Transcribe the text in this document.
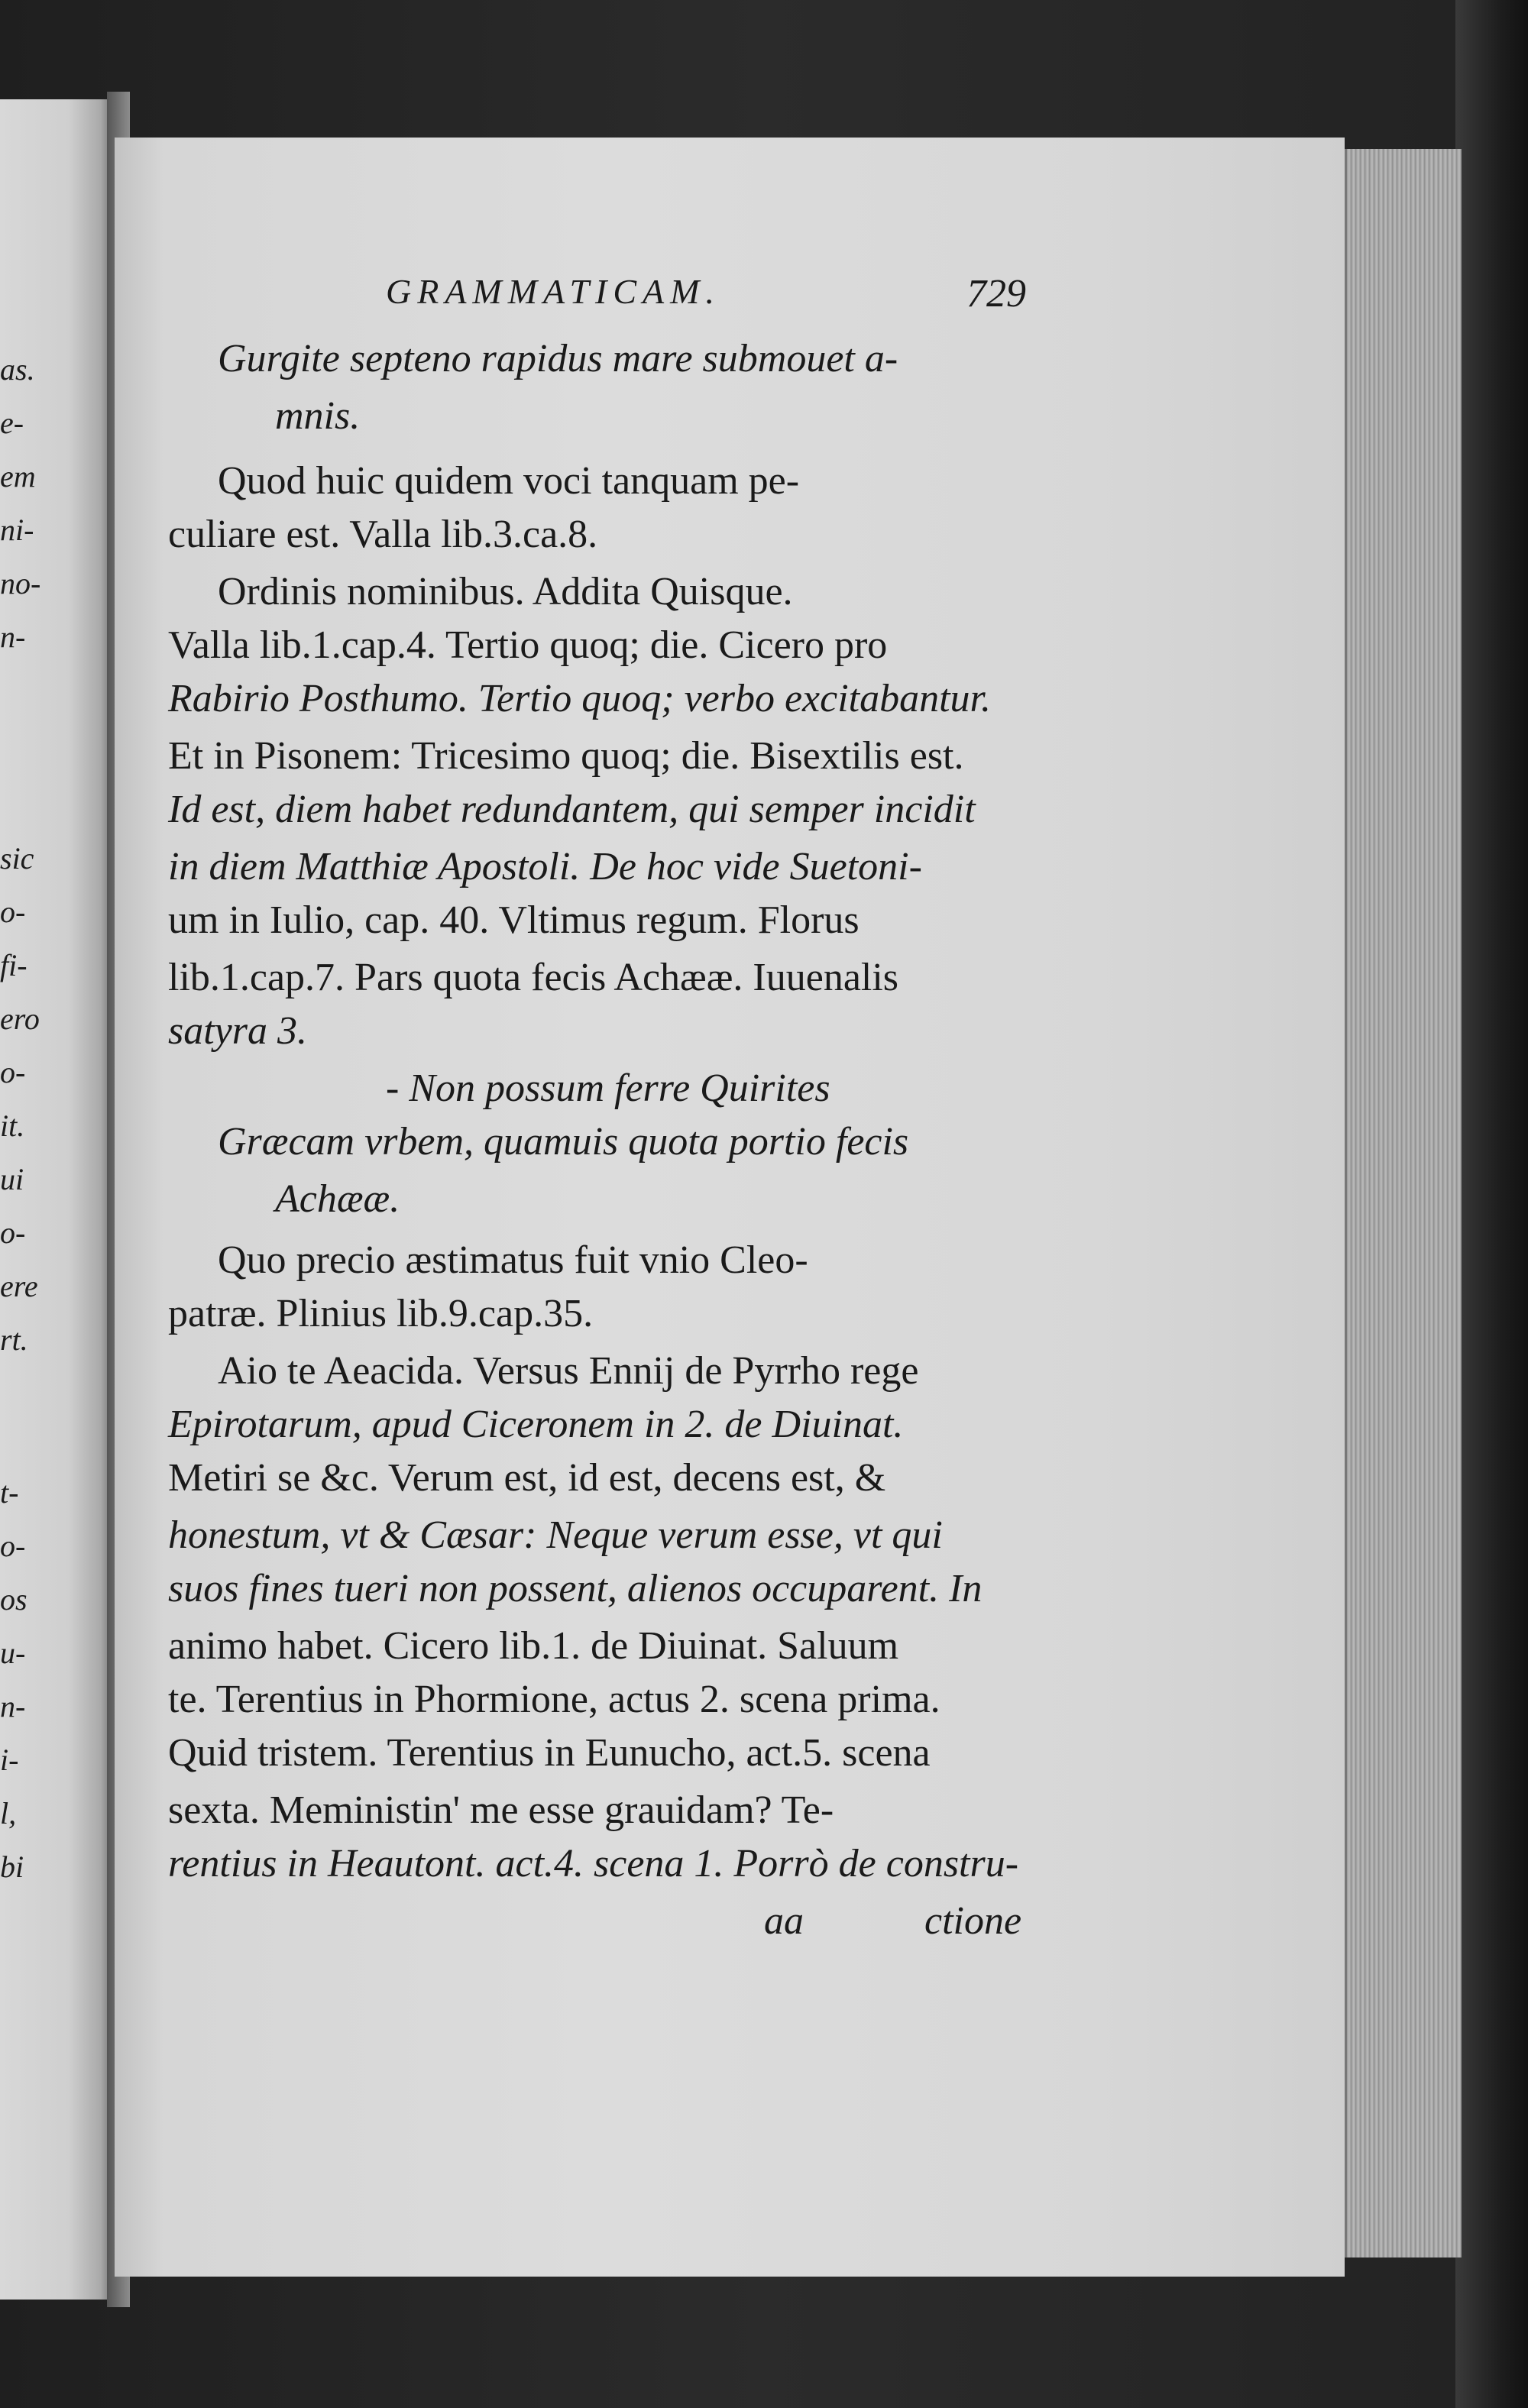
as.
e-
em
ni-
no-
n-
sic
o-
fi-
ero
o-
it.
ui
o-
ere
rt.
t-
o-
os
u-
n-
i-
l,
bi
GRAMMATICAM.	729
Gurgite septeno rapidus mare submouet a-
mnis.
Quod huic quidem voci tanquam pe-
culiare est. Valla lib.3.ca.8.
Ordinis nominibus. Addita Quisque.
Valla lib.1.cap.4. Tertio quoq; die. Cicero pro
Rabirio Posthumo. Tertio quoq; verbo excitabantur.
Et in Pisonem: Tricesimo quoq; die. Bisextilis est.
Id est, diem habet redundantem, qui semper incidit
in diem Matthiæ Apostoli. De hoc vide Suetoni-
um in Iulio, cap. 40. Vltimus regum. Florus
lib.1.cap.7. Pars quota fecis Achææ. Iuuenalis
satyra 3.
- Non possum ferre Quirites
Græcam vrbem, quamuis quota portio fecis
Achææ.
Quo precio æstimatus fuit vnio Cleo-
patræ. Plinius lib.9.cap.35.
Aio te Aeacida. Versus Ennij de Pyrrho rege
Epirotarum, apud Ciceronem in 2. de Diuinat.
Metiri se &c. Verum est, id est, decens est, &
honestum, vt & Cæsar: Neque verum esse, vt qui
suos fines tueri non possent, alienos occuparent. In
animo habet. Cicero lib.1. de Diuinat. Saluum
te. Terentius in Phormione, actus 2. scena prima.
Quid tristem. Terentius in Eunucho, act.5. scena
sexta. Meministin' me esse grauidam? Te-
rentius in Heautont. act.4. scena 1. Porrò de constru-
aa	ctione
